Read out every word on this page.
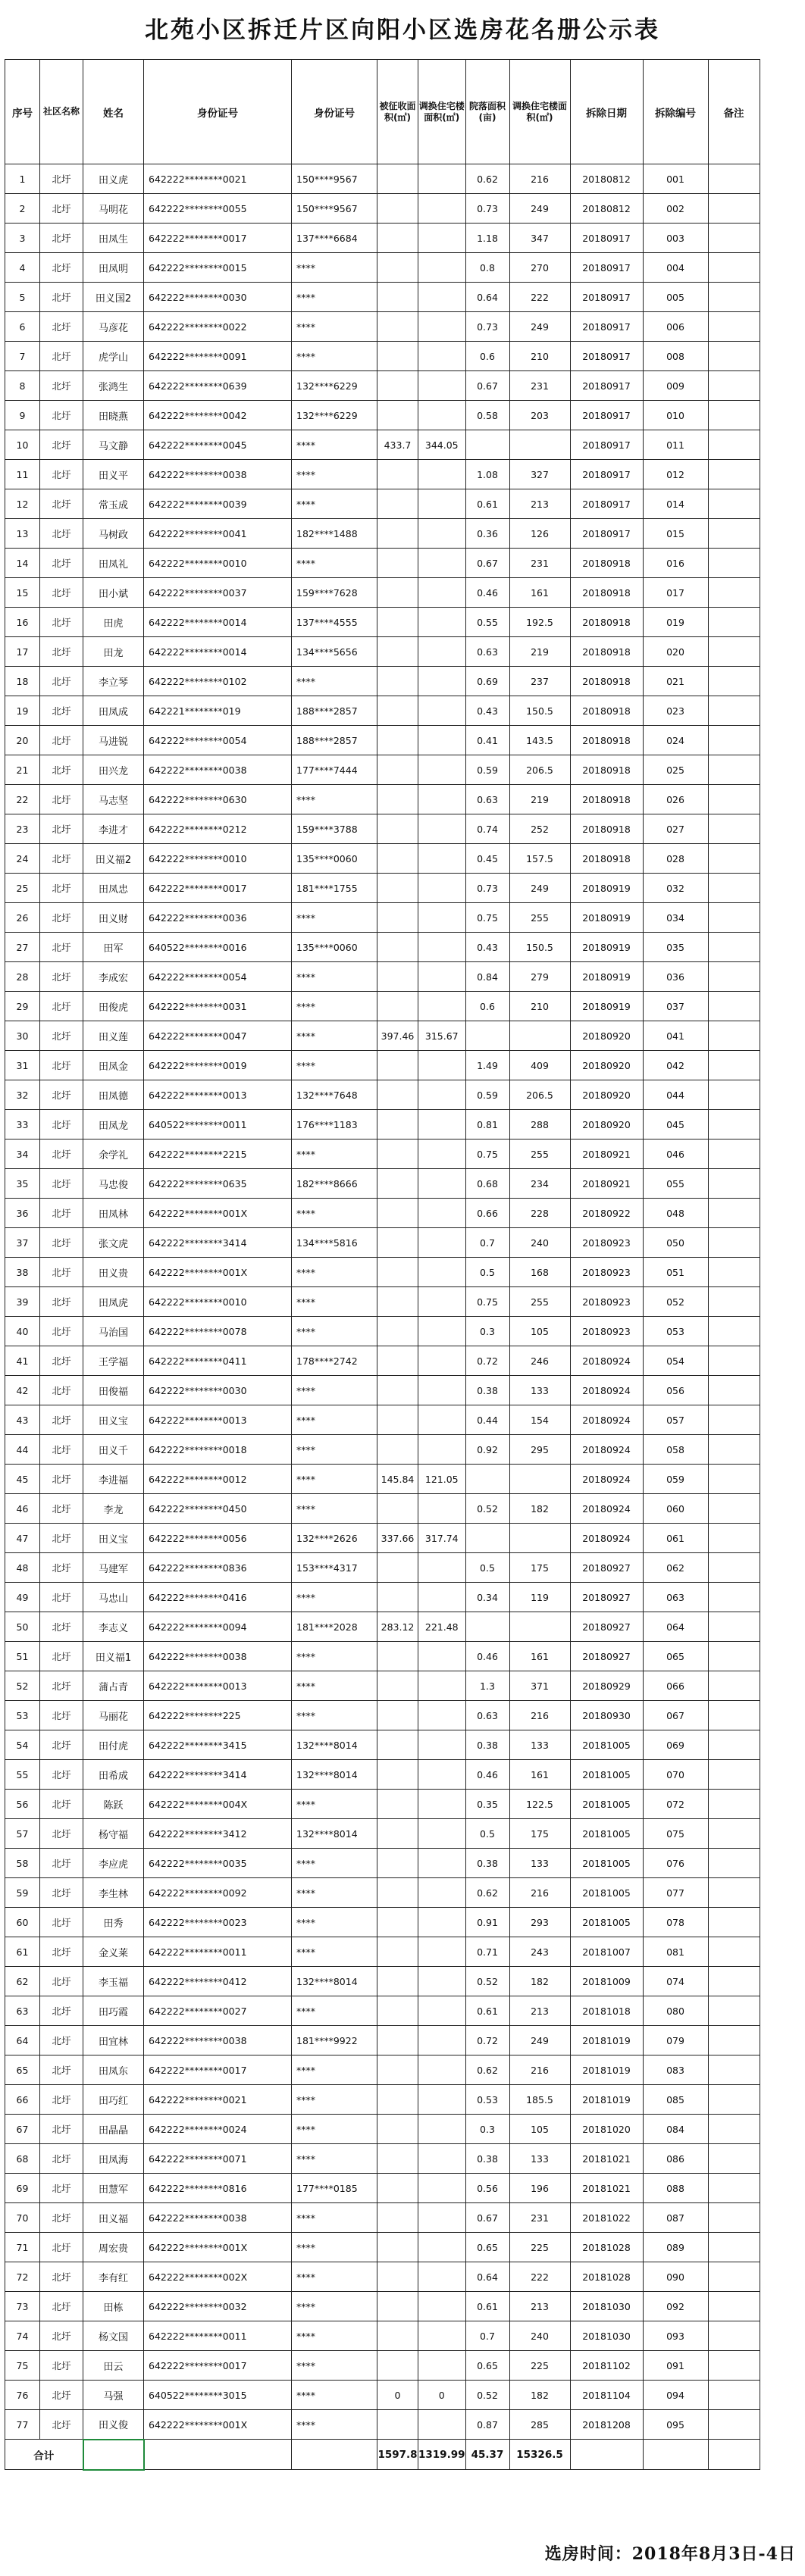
北苑小区拆迁片区向阳小区选房花名册公示表
序号	社区名称	姓名	身份证号	身份证号	被征收面积(㎡)	调换住宅楼面积(㎡)	院落面积(亩)	调换住宅楼面积(㎡)	拆除日期	拆除编号	备注
1	北圩	田义虎	642222********0021	150****9567			0.62	216	20180812	001	
2	北圩	马明花	642222********0055	150****9567			0.73	249	20180812	002	
3	北圩	田凤生	642222********0017	137****6684			1.18	347	20180917	003	
4	北圩	田凤明	642222********0015	****			0.8	270	20180917	004	
5	北圩	田义国2	642222********0030	****			0.64	222	20180917	005	
6	北圩	马彦花	642222********0022	****			0.73	249	20180917	006	
7	北圩	虎学山	642222********0091	****			0.6	210	20180917	008	
8	北圩	张鸿生	642222********0639	132****6229			0.67	231	20180917	009	
9	北圩	田晓燕	642222********0042	132****6229			0.58	203	20180917	010	
10	北圩	马文静	642222********0045	****	433.7	344.05			20180917	011	
11	北圩	田义平	642222********0038	****			1.08	327	20180917	012	
12	北圩	常玉成	642222********0039	****			0.61	213	20180917	014	
13	北圩	马树政	642222********0041	182****1488			0.36	126	20180917	015	
14	北圩	田凤礼	642222********0010	****			0.67	231	20180918	016	
15	北圩	田小斌	642222********0037	159****7628			0.46	161	20180918	017	
16	北圩	田虎	642222********0014	137****4555			0.55	192.5	20180918	019	
17	北圩	田龙	642222********0014	134****5656			0.63	219	20180918	020	
18	北圩	李立琴	642222********0102	****			0.69	237	20180918	021	
19	北圩	田凤成	642221********019	188****2857			0.43	150.5	20180918	023	
20	北圩	马进锐	642222********0054	188****2857			0.41	143.5	20180918	024	
21	北圩	田兴龙	642222********0038	177****7444			0.59	206.5	20180918	025	
22	北圩	马志坚	642222********0630	****			0.63	219	20180918	026	
23	北圩	李进才	642222********0212	159****3788			0.74	252	20180918	027	
24	北圩	田义福2	642222********0010	135****0060			0.45	157.5	20180918	028	
25	北圩	田凤忠	642222********0017	181****1755			0.73	249	20180919	032	
26	北圩	田义财	642222********0036	****			0.75	255	20180919	034	
27	北圩	田军	640522********0016	135****0060			0.43	150.5	20180919	035	
28	北圩	李成宏	642222********0054	****			0.84	279	20180919	036	
29	北圩	田俊虎	642222********0031	****			0.6	210	20180919	037	
30	北圩	田义莲	642222********0047	****	397.46	315.67			20180920	041	
31	北圩	田凤金	642222********0019	****			1.49	409	20180920	042	
32	北圩	田凤德	642222********0013	132****7648			0.59	206.5	20180920	044	
33	北圩	田凤龙	640522********0011	176****1183			0.81	288	20180920	045	
34	北圩	余学礼	642222********2215	****			0.75	255	20180921	046	
35	北圩	马忠俊	642222********0635	182****8666			0.68	234	20180921	055	
36	北圩	田凤林	642222********001X	****			0.66	228	20180922	048	
37	北圩	张文虎	642222********3414	134****5816			0.7	240	20180923	050	
38	北圩	田义贵	642222********001X	****			0.5	168	20180923	051	
39	北圩	田凤虎	642222********0010	****			0.75	255	20180923	052	
40	北圩	马治国	642222********0078	****			0.3	105	20180923	053	
41	北圩	王学福	642222********0411	178****2742			0.72	246	20180924	054	
42	北圩	田俊福	642222********0030	****			0.38	133	20180924	056	
43	北圩	田义宝	642222********0013	****			0.44	154	20180924	057	
44	北圩	田义千	642222********0018	****			0.92	295	20180924	058	
45	北圩	李进福	642222********0012	****	145.84	121.05			20180924	059	
46	北圩	李龙	642222********0450	****			0.52	182	20180924	060	
47	北圩	田义宝	642222********0056	132****2626	337.66	317.74			20180924	061	
48	北圩	马建军	642222********0836	153****4317			0.5	175	20180927	062	
49	北圩	马忠山	642222********0416	****			0.34	119	20180927	063	
50	北圩	李志义	642222********0094	181****2028	283.12	221.48			20180927	064	
51	北圩	田义福1	642222********0038	****			0.46	161	20180927	065	
52	北圩	蒲占青	642222********0013	****			1.3	371	20180929	066	
53	北圩	马丽花	642222********225	****			0.63	216	20180930	067	
54	北圩	田付虎	642222********3415	132****8014			0.38	133	20181005	069	
55	北圩	田希成	642222********3414	132****8014			0.46	161	20181005	070	
56	北圩	陈跃	642222********004X	****			0.35	122.5	20181005	072	
57	北圩	杨守福	642222********3412	132****8014			0.5	175	20181005	075	
58	北圩	李应虎	642222********0035	****			0.38	133	20181005	076	
59	北圩	李生林	642222********0092	****			0.62	216	20181005	077	
60	北圩	田秀	642222********0023	****			0.91	293	20181005	078	
61	北圩	金义莱	642222********0011	****			0.71	243	20181007	081	
62	北圩	李玉福	642222********0412	132****8014			0.52	182	20181009	074	
63	北圩	田巧霞	642222********0027	****			0.61	213	20181018	080	
64	北圩	田宜林	642222********0038	181****9922			0.72	249	20181019	079	
65	北圩	田凤东	642222********0017	****			0.62	216	20181019	083	
66	北圩	田巧红	642222********0021	****			0.53	185.5	20181019	085	
67	北圩	田晶晶	642222********0024	****			0.3	105	20181020	084	
68	北圩	田凤海	642222********0071	****			0.38	133	20181021	086	
69	北圩	田慧军	642222********0816	177****0185			0.56	196	20181021	088	
70	北圩	田义福	642222********0038	****			0.67	231	20181022	087	
71	北圩	周宏贵	642222********001X	****			0.65	225	20181028	089	
72	北圩	李有红	642222********002X	****			0.64	222	20181028	090	
73	北圩	田栋	642222********0032	****			0.61	213	20181030	092	
74	北圩	杨文国	642222********0011	****			0.7	240	20181030	093	
75	北圩	田云	642222********0017	****			0.65	225	20181102	091	
76	北圩	马强	640522********3015	****	0	0	0.52	182	20181104	094	
77	北圩	田义俊	642222********001X	****			0.87	285	20181208	095	
合计					1597.8	1319.99	45.37	15326.5			
选房时间：2018年8月3日-4日
